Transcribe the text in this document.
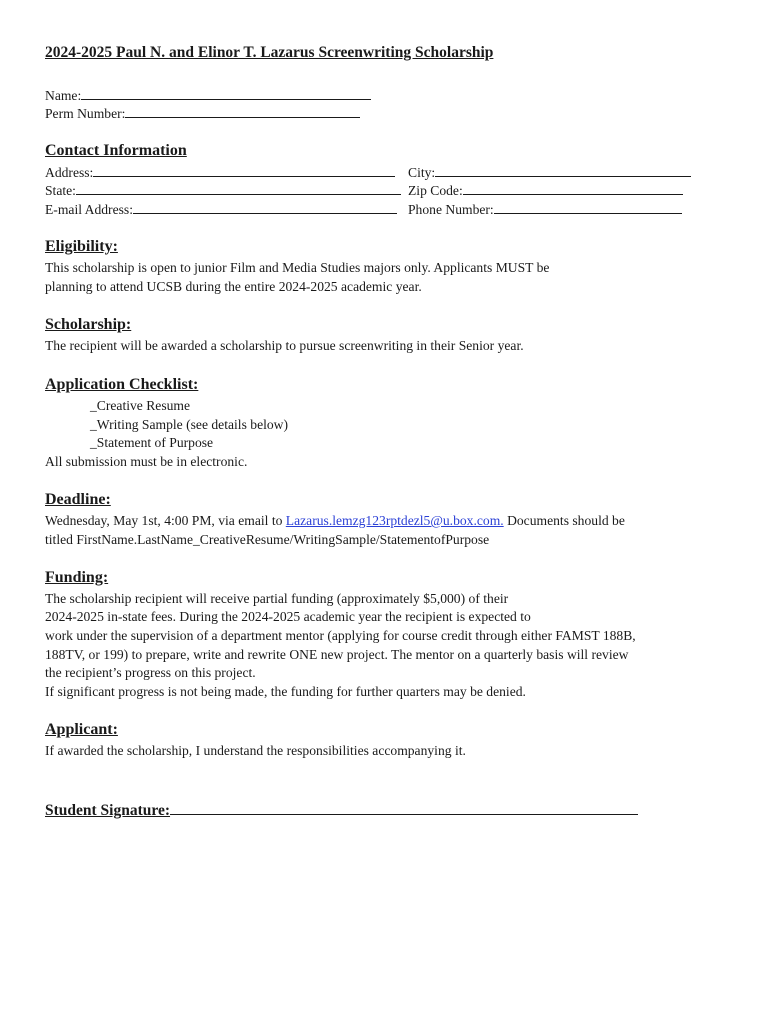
2024-2025 Paul N. and Elinor T. Lazarus Screenwriting Scholarship
Name:
Perm Number:
Contact Information
Address:	City:
State:	Zip Code:
E-mail Address:	Phone Number:
Eligibility:
This scholarship is open to junior Film and Media Studies majors only. Applicants MUST be
planning to attend UCSB during the entire 2024-2025 academic year.
Scholarship:
The recipient will be awarded a scholarship to pursue screenwriting in their Senior year.
Application Checklist:
_Creative Resume
_Writing Sample (see details below)
_Statement of Purpose
All submission must be in electronic.
Deadline:
Wednesday, May 1st, 4:00 PM, via email to Lazarus.lemzg123rptdezl5@u.box.com. Documents should be
titled FirstName.LastName_CreativeResume/WritingSample/StatementofPurpose
Funding:
The scholarship recipient will receive partial funding (approximately $5,000) of their
2024-2025 in-state fees. During the 2024-2025 academic year the recipient is expected to
work under the supervision of a department mentor (applying for course credit through either FAMST 188B,
188TV, or 199) to prepare, write and rewrite ONE new project. The mentor on a quarterly basis will review
the recipient’s progress on this project.
If significant progress is not being made, the funding for further quarters may be denied.
Applicant:
If awarded the scholarship, I understand the responsibilities accompanying it.
Student Signature:
